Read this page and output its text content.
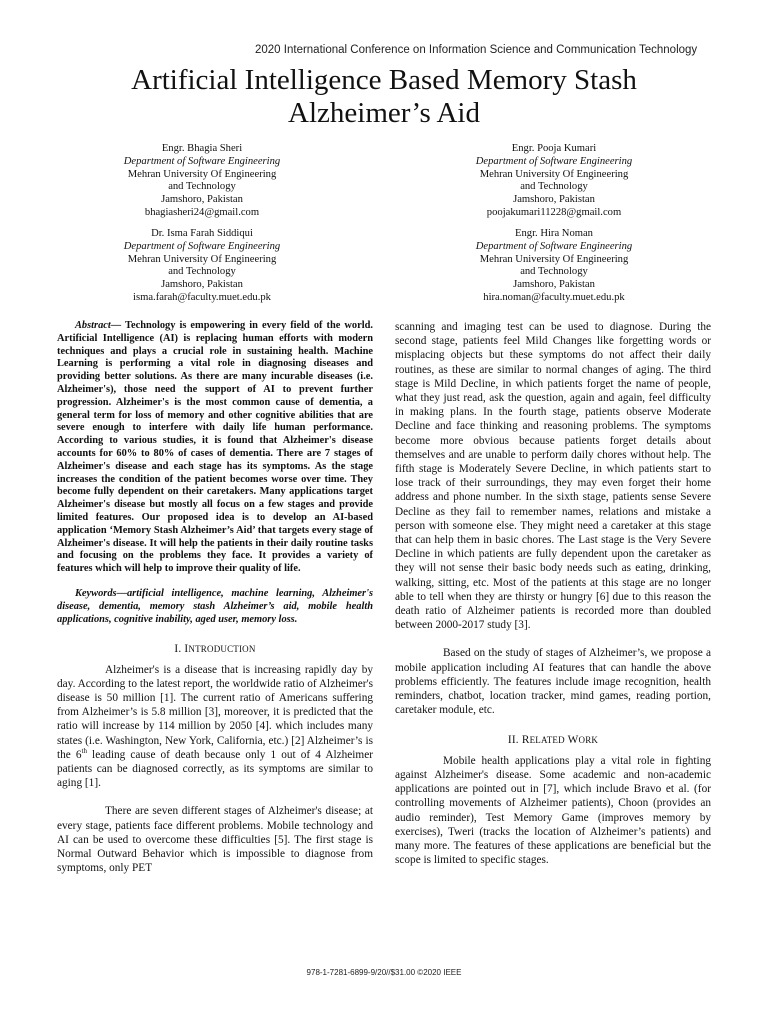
2020 International Conference on Information Science and Communication Technology
Artificial Intelligence Based Memory Stash
Alzheimer’s Aid
Engr. Bhagia Sheri
Department of Software Engineering
Mehran University Of Engineering
and Technology
Jamshoro, Pakistan
bhagiasheri24@gmail.com
Engr. Pooja Kumari
Department of Software Engineering
Mehran University Of Engineering
and Technology
Jamshoro, Pakistan
poojakumari11228@gmail.com
Dr. Isma Farah Siddiqui
Department of Software Engineering
Mehran University Of Engineering
and Technology
Jamshoro, Pakistan
isma.farah@faculty.muet.edu.pk
Engr. Hira Noman
Department of Software Engineering
Mehran University Of Engineering
and Technology
Jamshoro, Pakistan
hira.noman@faculty.muet.edu.pk

Abstract— Technology is empowering in every field of the world. Artificial Intelligence (AI) is replacing human efforts with modern techniques and plays a crucial role in sustaining health. Machine Learning is performing a vital role in diagnosing diseases and providing better solutions. As there are many incurable diseases (i.e. Alzheimer's), those need the support of AI to prevent further progression. Alzheimer's is the most common cause of dementia, a general term for loss of memory and other cognitive abilities that are severe enough to interfere with daily life human performance. According to various studies, it is found that Alzheimer's disease accounts for 60% to 80% of cases of dementia. There are 7 stages of Alzheimer's disease and each stage has its symptoms. As the stage increases the condition of the patient becomes worse over time. They become fully dependent on their caretakers. Many applications target Alzheimer's disease but mostly all focus on a few stages and provide limited features. Our proposed idea is to develop an AI-based application ‘Memory Stash Alzheimer’s Aid’ that targets every stage of Alzheimer's disease. It will help the patients in their daily routine tasks and focusing on the problems they face. It provides a variety of features which will help to improve their quality of life.

Keywords—artificial intelligence, machine learning, Alzheimer's disease, dementia, memory stash Alzheimer’s aid, mobile health applications, cognitive inability, aged user, memory loss.

I. INTRODUCTION

Alzheimer's is a disease that is increasing rapidly day by day. According to the latest report, the worldwide ratio of Alzheimer's disease is 50 million [1]. The current ratio of Americans suffering from Alzheimer’s is 5.8 million [3], moreover, it is predicted that the ratio will increase by 114 million by 2050 [4]. which includes many states (i.e. Washington, New York, California, etc.) [2] Alzheimer’s is the 6th leading cause of death because only 1 out of 4 Alzheimer patients can be diagnosed correctly, as its symptoms are similar to aging [1].

There are seven different stages of Alzheimer's disease; at every stage, patients face different problems. Mobile technology and AI can be used to overcome these difficulties [5]. The first stage is Normal Outward Behavior which is impossible to diagnose from symptoms, only PET

scanning and imaging test can be used to diagnose. During the second stage, patients feel Mild Changes like forgetting words or misplacing objects but these symptoms do not affect their daily routines, as these are similar to normal changes of aging. The third stage is Mild Decline, in which patients forget the name of people, what they just read, ask the question, again and again, feel difficulty in making plans. In the fourth stage, patients observe Moderate Decline and face thinking and reasoning problems. The symptoms become more obvious because patients forget details about themselves and are unable to perform daily chores without help. The fifth stage is Moderately Severe Decline, in which patients start to lose track of their surroundings, they may even forget their home address and phone number. In the sixth stage, patients sense Severe Decline as they fail to remember names, relations and mistake a person with someone else. They might need a caretaker at this stage that can help them in basic chores. The Last stage is the Very Severe Decline in which patients are fully dependent upon the caretaker as they will not sense their basic body needs such as eating, drinking, walking, sitting, etc. Most of the patients at this stage are no longer able to tell when they are thirsty or hungry [6] due to this reason the death ratio of Alzheimer patients is recorded more than doubled between 2000-2017 study [3].

Based on the study of stages of Alzheimer’s, we propose a mobile application including AI features that can handle the above problems efficiently. The features include image recognition, health reminders, chatbot, location tracker, mind games, reading portion, caretaker module, etc.

II. RELATED WORK

Mobile health applications play a vital role in fighting against Alzheimer's disease. Some academic and non-academic applications are pointed out in [7], which include Bravo et al. (for controlling movements of Alzheimer patients), Choon (provides an audio reminder), Test Memory Game (improves memory by exercises), Tweri (tracks the location of Alzheimer’s patients) and many more. The features of these applications are beneficial but the scope is limited to specific stages.

978-1-7281-6899-9/20//$31.00 ©2020 IEEE
